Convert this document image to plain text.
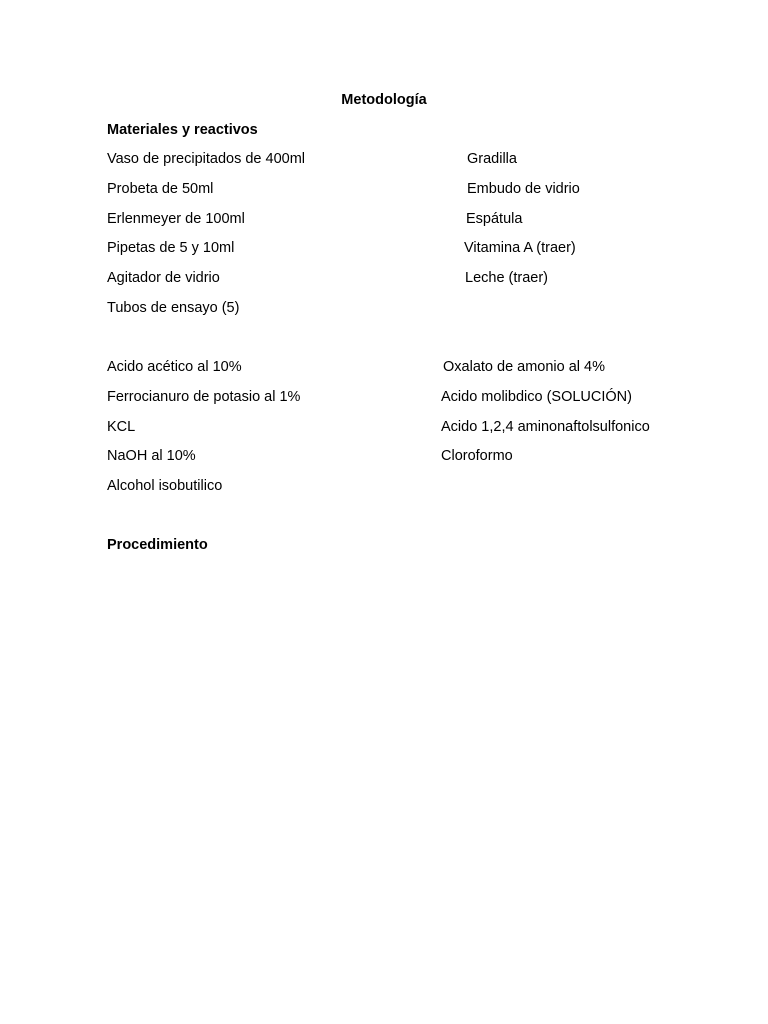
Metodología
Materiales y reactivos
Vaso de precipitados de 400ml
Probeta de 50ml
Erlenmeyer de 100ml
Pipetas de 5 y 10ml
Agitador de vidrio
Tubos de ensayo (5)
Gradilla
Embudo de vidrio
Espátula
Vitamina A (traer)
Leche (traer)
Acido acético al 10%
Ferrocianuro de potasio al 1%
KCL
NaOH al 10%
Alcohol isobutilico
Oxalato de amonio al 4%
Acido molibdico (SOLUCIÓN)
Acido 1,2,4 aminonaftolsulfonico
Cloroformo
Procedimiento
